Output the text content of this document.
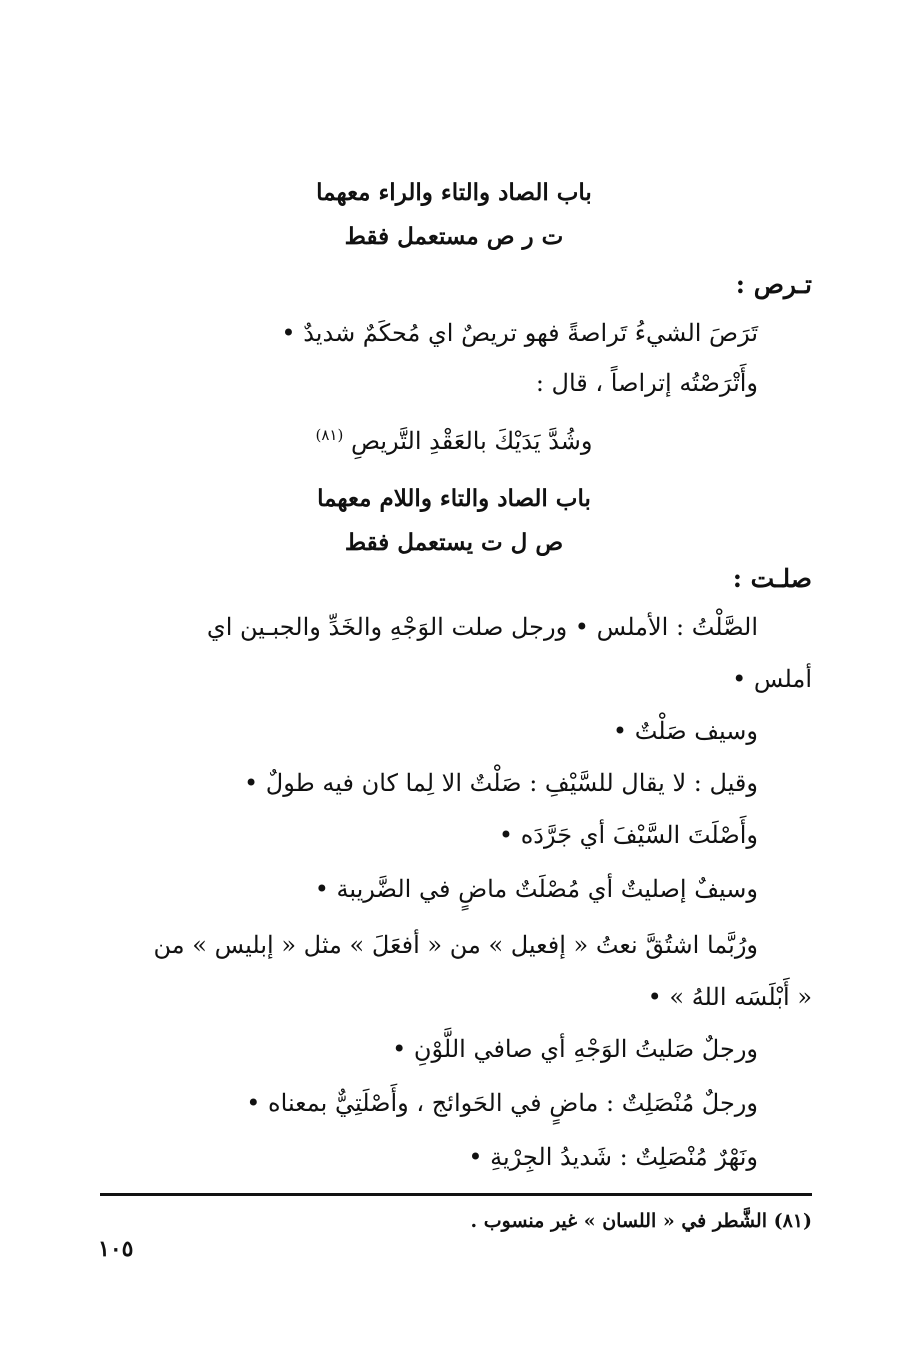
باب الصاد والتاء والراء معهما
ت ر ص مستعمل فقط
تـرص :
تَرَصَ الشيءُ تَراصةً فهو تريصٌ اي مُحكَمٌ شديدٌ •
وأَتْرَصْتُه إتراصاً ، قال :
وشُدَّ يَدَيْكَ بالعَقْدِ التَّريصِ $^{(٨١)}$
باب الصاد والتاء واللام معهما
ص ل ت يستعمل فقط
صلـت :
الصَّلْتُ : الأملس • ورجل صلت الوَجْهِ والخَدِّ والجبـين اي
أملس •
وسيف صَلْتٌ •
وقيل : لا يقال للسَّيْفِ : صَلْتٌ الا لِما كان فيه طولٌ •
وأَصْلَتَ السَّيْفَ أي جَرَّدَه •
وسيفٌ إصليتٌ أي مُصْلَتٌ ماضٍ في الضَّريبة •
ورُبَّما اشتُقَّ نعتُ « إفعيل » من « أفعَلَ » مثل « إبليس » من
« أَبْلَسَه اللهُ » •
ورجلٌ صَليتُ الوَجْهِ أي صافي اللَّوْنِ •
ورجلٌ مُنْصَلِتٌ : ماضٍ في الحَوائج ، وأَصْلَتِيٌّ بمعناه •
ونَهْرٌ مُنْصَلِتٌ : شَديدُ الجِرْيةِ •
(٨١) الشَّطر في « اللسان » غير منسوب .
١٠٥
